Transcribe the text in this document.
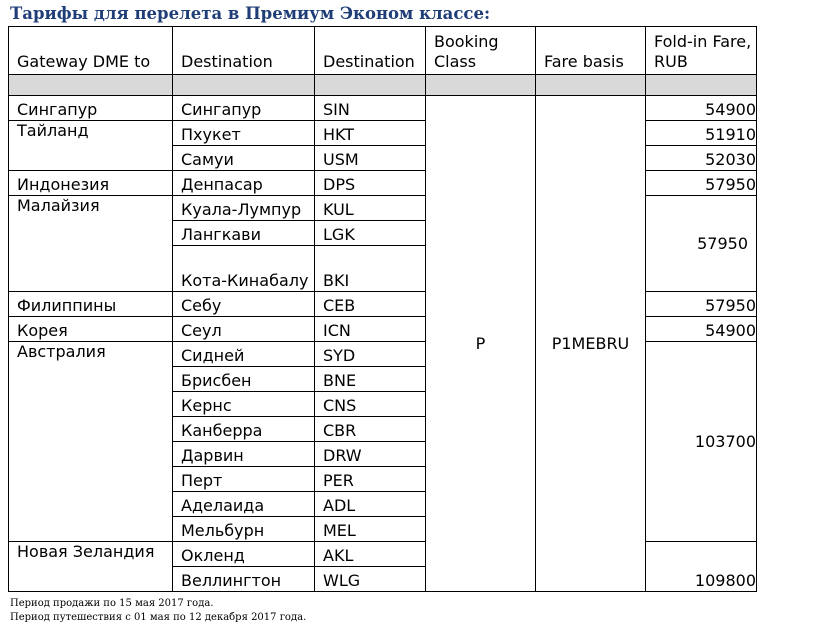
Тарифы для перелета в Премиум Эконом классе:
Gateway DME to	Destination	Destination	Booking Class	Fare basis	Fold-in Fare, RUB

Сингапур	Сингапур	SIN	P	P1MEBRU	54900
Тайланд	Пхукет	HKT			51910
	Самуи	USM			52030
Индонезия	Денпасар	DPS			57950
Малайзия	Куала-Лумпур	KUL			57950
	Лангкави	LGK			
	Кота-Кинабалу	BKI			
Филиппины	Себу	CEB			57950
Корея	Сеул	ICN			54900
Австралия	Сидней	SYD			103700
	Брисбен	BNE			
	Кернс	CNS			
	Канберра	CBR			
	Дарвин	DRW			
	Перт	PER			
	Аделаида	ADL			
	Мельбурн	MEL			
Новая Зеландия	Окленд	AKL			109800
	Веллингтон	WLG			
Период продажи по 15 мая 2017 года.
Период путешествия с 01 мая по 12 декабря 2017 года.
